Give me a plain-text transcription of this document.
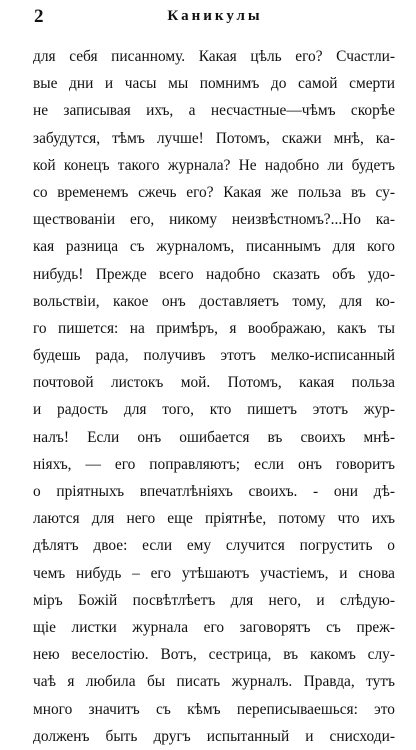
2	Каникулы
для себя писанному. Какая цѣль его? Счастли-
вые дни и часы мы помнимъ до самой смерти
не записывая ихъ, а несчастные—чѣмъ скорѣе
забудутся, тѣмъ лучше! Потомъ, скажи мнѣ, ка-
кой конецъ такого журнала? Не надобно ли будетъ
со временемъ сжечь его? Какая же польза въ су-
ществованіи его, никому неизвѣстномъ?...Но ка-
кая разница съ журналомъ, писаннымъ для кого
нибудь! Прежде всего надобно сказать объ удо-
вольствіи, какое онъ доставляетъ тому, для ко-
го пишется: на примѣръ, я воображаю, какъ ты
будешь рада, получивъ этотъ мелко-исписанный
почтовой листокъ мой. Потомъ, какая польза
и радость для того, кто пишетъ этотъ жур-
налъ! Если онъ ошибается въ своихъ мнѣ-
ніяхъ, — его поправляютъ; если онъ говоритъ
о пріятныхъ впечатлѣніяхъ своихъ. - они дѣ-
лаются для него еще пріятнѣе, потому что ихъ
дѣлятъ двое: если ему случится погрустить о
чемъ нибудь – его утѣшаютъ участіемъ, и снова
міръ Божій посвѣтлѣетъ для него, и слѣдую-
щіе листки журнала его заговорятъ съ преж-
нею веселостію. Вотъ, сестрица, въ какомъ слу-
чаѣ я любила бы писать журналъ. Правда, тутъ
много значитъ съ кѣмъ переписываешься: это
долженъ быть другъ испытанный и снисходи-
